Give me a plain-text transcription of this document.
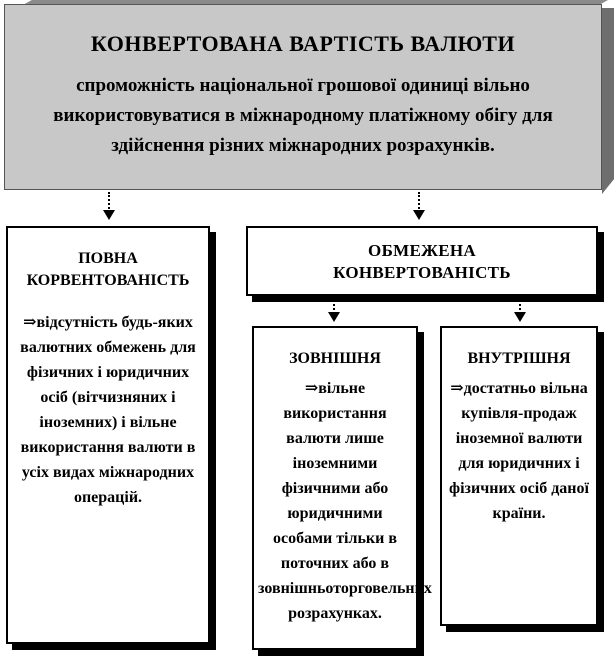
КОНВЕРТОВАНА ВАРТІСТЬ ВАЛЮТИ
спроможність національної грошової одиниці вільно використовуватися в міжнародному платіжному обігу для здійснення різних міжнародних розрахунків.
ПОВНА
КОРВЕНТОВАНІСТЬ
⇒відсутність будь-яких валютних обмежень для фізичних і юридичних осіб (вітчизняних і іноземних) і вільне використання валюти в усіх видах міжнародних операцій.
ОБМЕЖЕНА
КОНВЕРТОВАНІСТЬ
ЗОВНІШНЯ
⇒вільне використання валюти лише іноземними фізичними або юридичними особами тільки в поточних або в зовнішньоторговельних розрахунках.
ВНУТРІШНЯ
⇒достатньо вільна купівля-продаж іноземної валюти для юридичних і фізичних осіб даної країни.
